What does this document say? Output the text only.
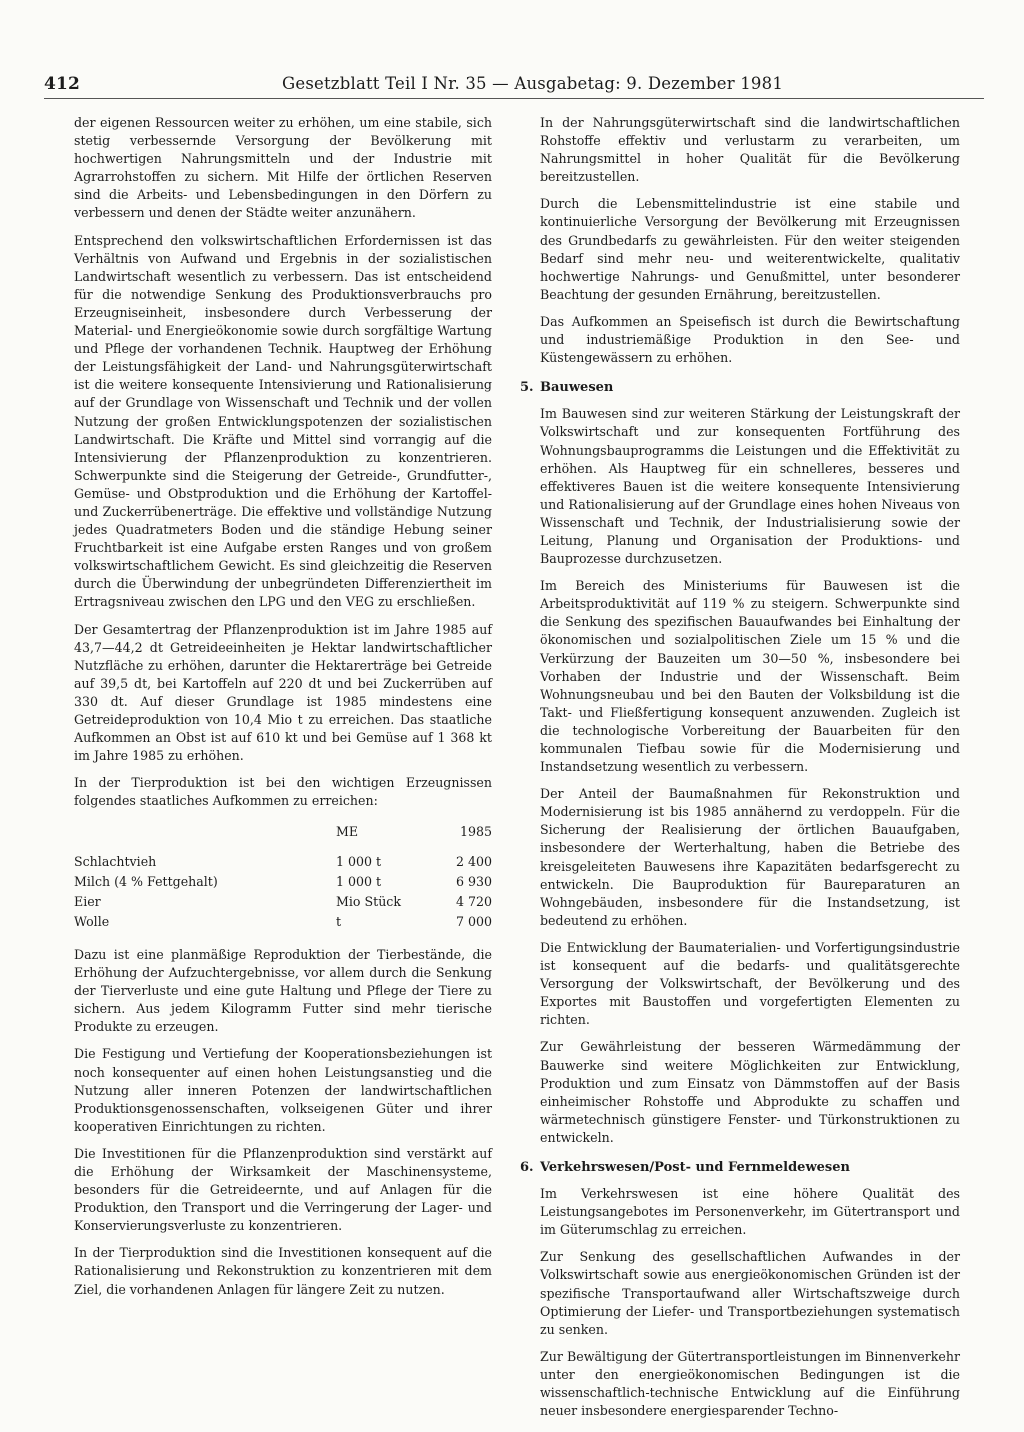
412	Gesetzblatt Teil I Nr. 35 — Ausgabetag: 9. Dezember 1981

der eigenen Ressourcen weiter zu erhöhen, um eine stabile, sich stetig verbessernde Versorgung der Bevölkerung mit hochwertigen Nahrungsmitteln und der Industrie mit Agrarrohstoffen zu sichern. Mit Hilfe der örtlichen Reserven sind die Arbeits- und Lebensbedingungen in den Dörfern zu verbessern und denen der Städte weiter anzunähern.

Entsprechend den volkswirtschaftlichen Erfordernissen ist das Verhältnis von Aufwand und Ergebnis in der sozialistischen Landwirtschaft wesentlich zu verbessern. Das ist entscheidend für die notwendige Senkung des Produktionsverbrauchs pro Erzeugniseinheit, insbesondere durch Verbesserung der Material- und Energieökonomie sowie durch sorgfältige Wartung und Pflege der vorhandenen Technik. Hauptweg der Erhöhung der Leistungsfähigkeit der Land- und Nahrungsgüterwirtschaft ist die weitere konsequente Intensivierung und Rationalisierung auf der Grundlage von Wissenschaft und Technik und der vollen Nutzung der großen Entwicklungspotenzen der sozialistischen Landwirtschaft. Die Kräfte und Mittel sind vorrangig auf die Intensivierung der Pflanzenproduktion zu konzentrieren. Schwerpunkte sind die Steigerung der Getreide-, Grundfutter-, Gemüse- und Obstproduktion und die Erhöhung der Kartoffel- und Zuckerrübenerträge. Die effektive und vollständige Nutzung jedes Quadratmeters Boden und die ständige Hebung seiner Fruchtbarkeit ist eine Aufgabe ersten Ranges und von großem volkswirtschaftlichem Gewicht. Es sind gleichzeitig die Reserven durch die Überwindung der unbegründeten Differenziertheit im Ertragsniveau zwischen den LPG und den VEG zu erschließen.

Der Gesamtertrag der Pflanzenproduktion ist im Jahre 1985 auf 43,7—44,2 dt Getreideeinheiten je Hektar landwirtschaftlicher Nutzfläche zu erhöhen, darunter die Hektarerträge bei Getreide auf 39,5 dt, bei Kartoffeln auf 220 dt und bei Zuckerrüben auf 330 dt. Auf dieser Grundlage ist 1985 mindestens eine Getreideproduktion von 10,4 Mio t zu erreichen. Das staatliche Aufkommen an Obst ist auf 610 kt und bei Gemüse auf 1 368 kt im Jahre 1985 zu erhöhen.

In der Tierproduktion ist bei den wichtigen Erzeugnissen folgendes staatliches Aufkommen zu erreichen:

	ME	1985
Schlachtvieh	1 000 t	2 400
Milch (4 % Fettgehalt)	1 000 t	6 930
Eier	Mio Stück	4 720
Wolle	t	7 000

Dazu ist eine planmäßige Reproduktion der Tierbestände, die Erhöhung der Aufzuchtergebnisse, vor allem durch die Senkung der Tierverluste und eine gute Haltung und Pflege der Tiere zu sichern. Aus jedem Kilogramm Futter sind mehr tierische Produkte zu erzeugen.

Die Festigung und Vertiefung der Kooperationsbeziehungen ist noch konsequenter auf einen hohen Leistungsanstieg und die Nutzung aller inneren Potenzen der landwirtschaftlichen Produktionsgenossenschaften, volkseigenen Güter und ihrer kooperativen Einrichtungen zu richten.

Die Investitionen für die Pflanzenproduktion sind verstärkt auf die Erhöhung der Wirksamkeit der Maschinensysteme, besonders für die Getreideernte, und auf Anlagen für die Produktion, den Transport und die Verringerung der Lager- und Konservierungsverluste zu konzentrieren.

In der Tierproduktion sind die Investitionen konsequent auf die Rationalisierung und Rekonstruktion zu konzentrieren mit dem Ziel, die vorhandenen Anlagen für längere Zeit zu nutzen.

In der Nahrungsgüterwirtschaft sind die landwirtschaftlichen Rohstoffe effektiv und verlustarm zu verarbeiten, um Nahrungsmittel in hoher Qualität für die Bevölkerung bereitzustellen.

Durch die Lebensmittelindustrie ist eine stabile und kontinuierliche Versorgung der Bevölkerung mit Erzeugnissen des Grundbedarfs zu gewährleisten. Für den weiter steigenden Bedarf sind mehr neu- und weiterentwickelte, qualitativ hochwertige Nahrungs- und Genußmittel, unter besonderer Beachtung der gesunden Ernährung, bereitzustellen.

Das Aufkommen an Speisefisch ist durch die Bewirtschaftung und industriemäßige Produktion in den See- und Küstengewässern zu erhöhen.

5. Bauwesen

Im Bauwesen sind zur weiteren Stärkung der Leistungskraft der Volkswirtschaft und zur konsequenten Fortführung des Wohnungsbauprogramms die Leistungen und die Effektivität zu erhöhen. Als Hauptweg für ein schnelleres, besseres und effektiveres Bauen ist die weitere konsequente Intensivierung und Rationalisierung auf der Grundlage eines hohen Niveaus von Wissenschaft und Technik, der Industrialisierung sowie der Leitung, Planung und Organisation der Produktions- und Bauprozesse durchzusetzen.

Im Bereich des Ministeriums für Bauwesen ist die Arbeitsproduktivität auf 119 % zu steigern. Schwerpunkte sind die Senkung des spezifischen Bauaufwandes bei Einhaltung der ökonomischen und sozialpolitischen Ziele um 15 % und die Verkürzung der Bauzeiten um 30—50 %, insbesondere bei Vorhaben der Industrie und der Wissenschaft. Beim Wohnungsneubau und bei den Bauten der Volksbildung ist die Takt- und Fließfertigung konsequent anzuwenden. Zugleich ist die technologische Vorbereitung der Bauarbeiten für den kommunalen Tiefbau sowie für die Modernisierung und Instandsetzung wesentlich zu verbessern.

Der Anteil der Baumaßnahmen für Rekonstruktion und Modernisierung ist bis 1985 annähernd zu verdoppeln. Für die Sicherung der Realisierung der örtlichen Bauaufgaben, insbesondere der Werterhaltung, haben die Betriebe des kreisgeleiteten Bauwesens ihre Kapazitäten bedarfsgerecht zu entwickeln. Die Bauproduktion für Baureparaturen an Wohngebäuden, insbesondere für die Instandsetzung, ist bedeutend zu erhöhen.

Die Entwicklung der Baumaterialien- und Vorfertigungsindustrie ist konsequent auf die bedarfs- und qualitätsgerechte Versorgung der Volkswirtschaft, der Bevölkerung und des Exportes mit Baustoffen und vorgefertigten Elementen zu richten.

Zur Gewährleistung der besseren Wärmedämmung der Bauwerke sind weitere Möglichkeiten zur Entwicklung, Produktion und zum Einsatz von Dämmstoffen auf der Basis einheimischer Rohstoffe und Abprodukte zu schaffen und wärmetechnisch günstigere Fenster- und Türkonstruktionen zu entwickeln.

6. Verkehrswesen/Post- und Fernmeldewesen

Im Verkehrswesen ist eine höhere Qualität des Leistungsangebotes im Personenverkehr, im Gütertransport und im Güterumschlag zu erreichen.

Zur Senkung des gesellschaftlichen Aufwandes in der Volkswirtschaft sowie aus energieökonomischen Gründen ist der spezifische Transportaufwand aller Wirtschaftszweige durch Optimierung der Liefer- und Transportbeziehungen systematisch zu senken.

Zur Bewältigung der Gütertransportleistungen im Binnenverkehr unter den energieökonomischen Bedingungen ist die wissenschaftlich-technische Entwicklung auf die Einführung neuer insbesondere energiesparender Techno-
